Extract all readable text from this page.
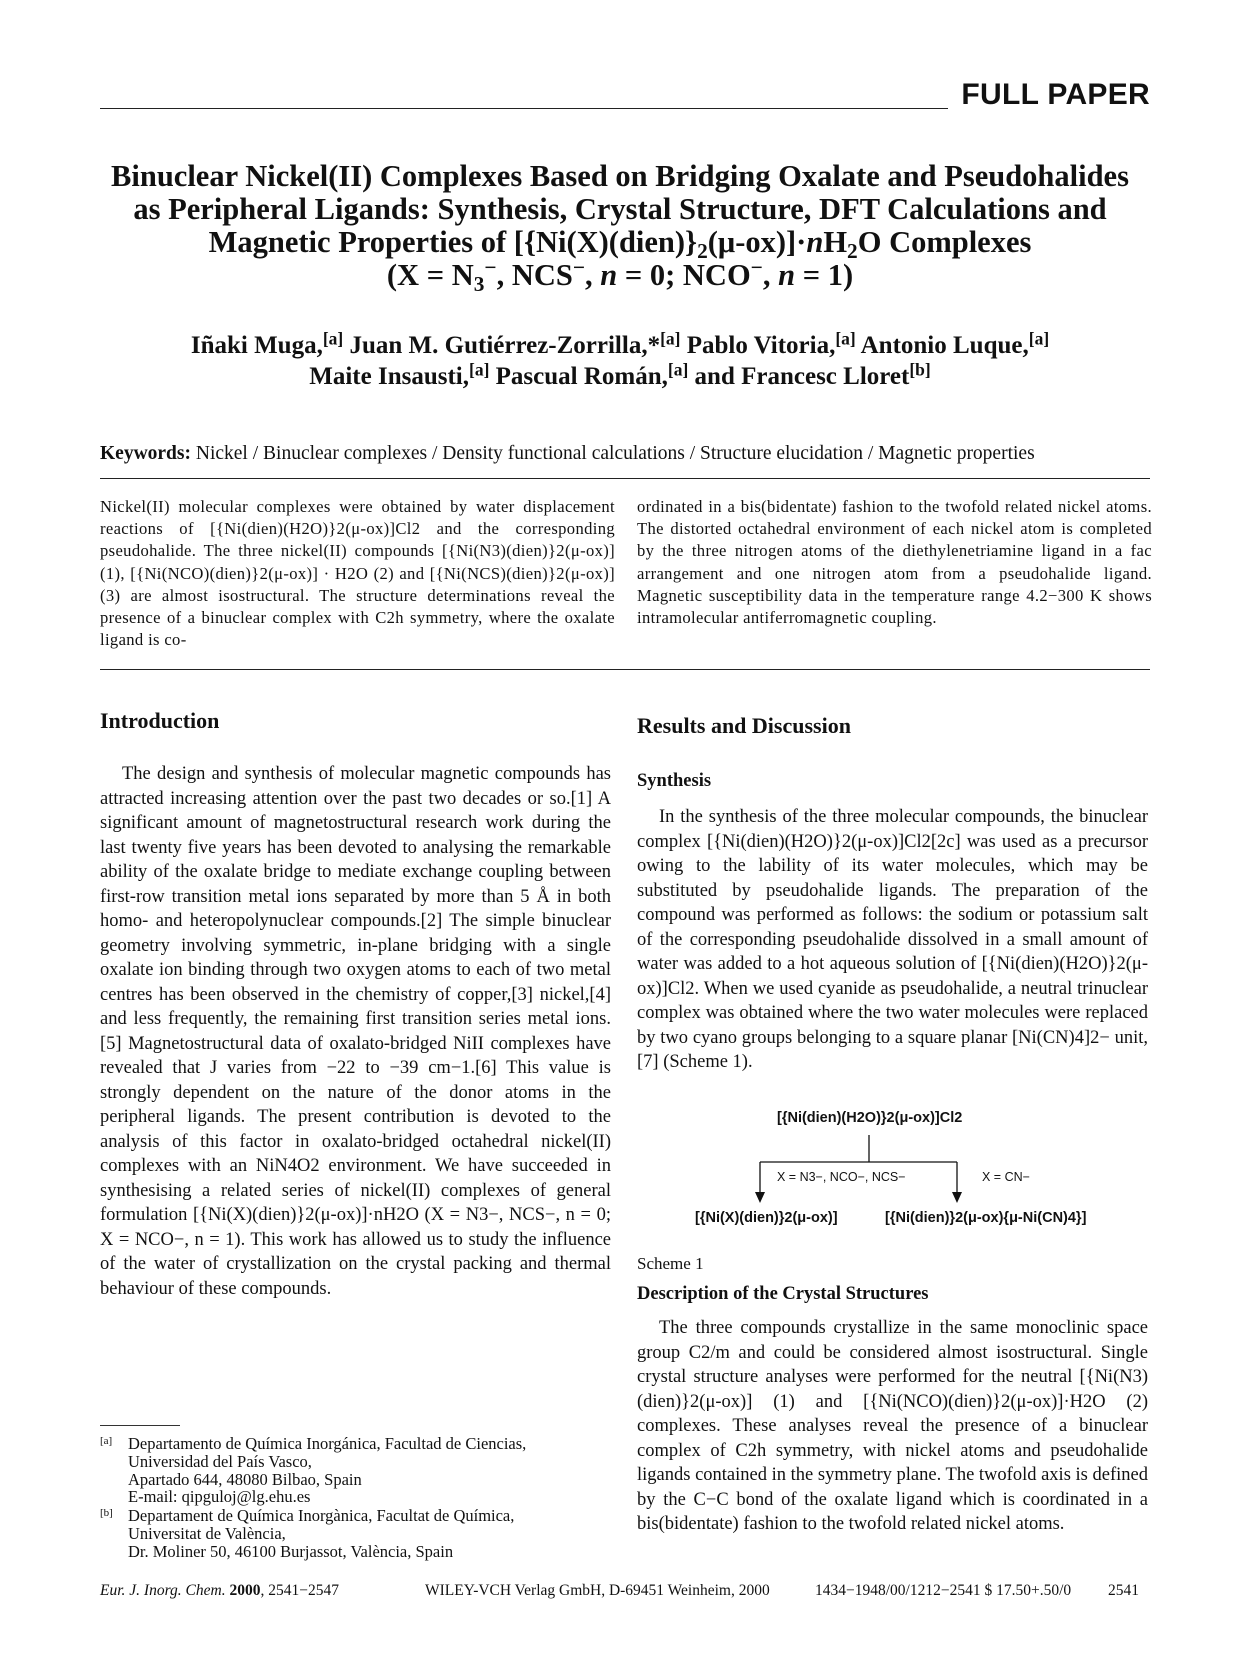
FULL PAPER
Binuclear Nickel(II) Complexes Based on Bridging Oxalate and Pseudohalides
as Peripheral Ligands: Synthesis, Crystal Structure, DFT Calculations and
Magnetic Properties of $[\{Ni(X)(dien)\}_2(\mu-ox)]\cdot nH_2O$ Complexes
($X = N_3^-$, NCS−, n = 0; NCO−, n = 1)
Iñaki Muga,[a] Juan M. Gutiérrez-Zorrilla,*[a] Pablo Vitoria,[a] Antonio Luque,[a]
Maite Insausti,[a] Pascual Román,[a] and Francesc Lloret[b]
Keywords: Nickel / Binuclear complexes / Density functional calculations / Structure elucidation / Magnetic properties
Nickel(II) molecular complexes were obtained by water displacement reactions of [{Ni(dien)(H2O)}2(μ-ox)]Cl2 and the corresponding pseudohalide. The three nickel(II) compounds [{Ni(N3)(dien)}2(μ-ox)] (1), [{Ni(NCO)(dien)}2(μ-ox)] · H2O (2) and [{Ni(NCS)(dien)}2(μ-ox)] (3) are almost isostructural. The structure determinations reveal the presence of a binuclear complex with C2h symmetry, where the oxalate ligand is co-
ordinated in a bis(bidentate) fashion to the twofold related nickel atoms. The distorted octahedral environment of each nickel atom is completed by the three nitrogen atoms of the diethylenetriamine ligand in a fac arrangement and one nitrogen atom from a pseudohalide ligand. Magnetic susceptibility data in the temperature range 4.2−300 K shows intramolecular antiferromagnetic coupling.
Introduction

The design and synthesis of molecular magnetic compounds has attracted increasing attention over the past two decades or so.[1] A significant amount of magnetostructural research work during the last twenty five years has been devoted to analysing the remarkable ability of the oxalate bridge to mediate exchange coupling between first-row transition metal ions separated by more than 5 Å in both homo- and heteropolynuclear compounds.[2] The simple binuclear geometry involving symmetric, in-plane bridging with a single oxalate ion binding through two oxygen atoms to each of two metal centres has been observed in the chemistry of copper,[3] nickel,[4] and less frequently, the remaining first transition series metal ions.[5] Magnetostructural data of oxalato-bridged NiII complexes have revealed that J varies from −22 to −39 cm−1.[6] This value is strongly dependent on the nature of the donor atoms in the peripheral ligands. The present contribution is devoted to the analysis of this factor in oxalato-bridged octahedral nickel(II) complexes with an NiN4O2 environment. We have succeeded in synthesising a related series of nickel(II) complexes of general formulation [{Ni(X)(dien)}2(μ-ox)]·nH2O (X = N3−, NCS−, n = 0; X = NCO−, n = 1). This work has allowed us to study the influence of the water of crystallization on the crystal packing and thermal behaviour of these compounds.

[a] Departamento de Química Inorgánica, Facultad de Ciencias,
Universidad del País Vasco,
Apartado 644, 48080 Bilbao, Spain
E-mail: qipguloj@lg.ehu.es
[b] Departament de Química Inorgànica, Facultat de Química,
Universitat de València,
Dr. Moliner 50, 46100 Burjassot, València, Spain
Results and Discussion
Synthesis

In the synthesis of the three molecular compounds, the binuclear complex [{Ni(dien)(H2O)}2(μ-ox)]Cl2[2c] was used as a precursor owing to the lability of its water molecules, which may be substituted by pseudohalide ligands. The preparation of the compound was performed as follows: the sodium or potassium salt of the corresponding pseudohalide dissolved in a small amount of water was added to a hot aqueous solution of [{Ni(dien)(H2O)}2(μ-ox)]Cl2. When we used cyanide as pseudohalide, a neutral trinuclear complex was obtained where the two water molecules were replaced by two cyano groups belonging to a square planar [Ni(CN)4]2− unit,[7] (Scheme 1).

[{Ni(dien)(H2O)}2(μ-ox)]Cl2
X = N3−, NCO−, NCS−	X = CN−
[{Ni(X)(dien)}2(μ-ox)]	[{Ni(dien)}2(μ-ox){μ-Ni(CN)4}]
Scheme 1
Description of the Crystal Structures

The three compounds crystallize in the same monoclinic space group C2/m and could be considered almost isostructural. Single crystal structure analyses were performed for the neutral [{Ni(N3)(dien)}2(μ-ox)] (1) and [{Ni(NCO)(dien)}2(μ-ox)]·H2O (2) complexes. These analyses reveal the presence of a binuclear complex of C2h symmetry, with nickel atoms and pseudohalide ligands contained in the symmetry plane. The twofold axis is defined by the C−C bond of the oxalate ligand which is coordinated in a bis(bidentate) fashion to the twofold related nickel atoms.

Eur. J. Inorg. Chem. 2000, 2541−2547	WILEY-VCH Verlag GmbH, D-69451 Weinheim, 2000	1434−1948/00/1212−2541 $ 17.50+.50/0 2541
